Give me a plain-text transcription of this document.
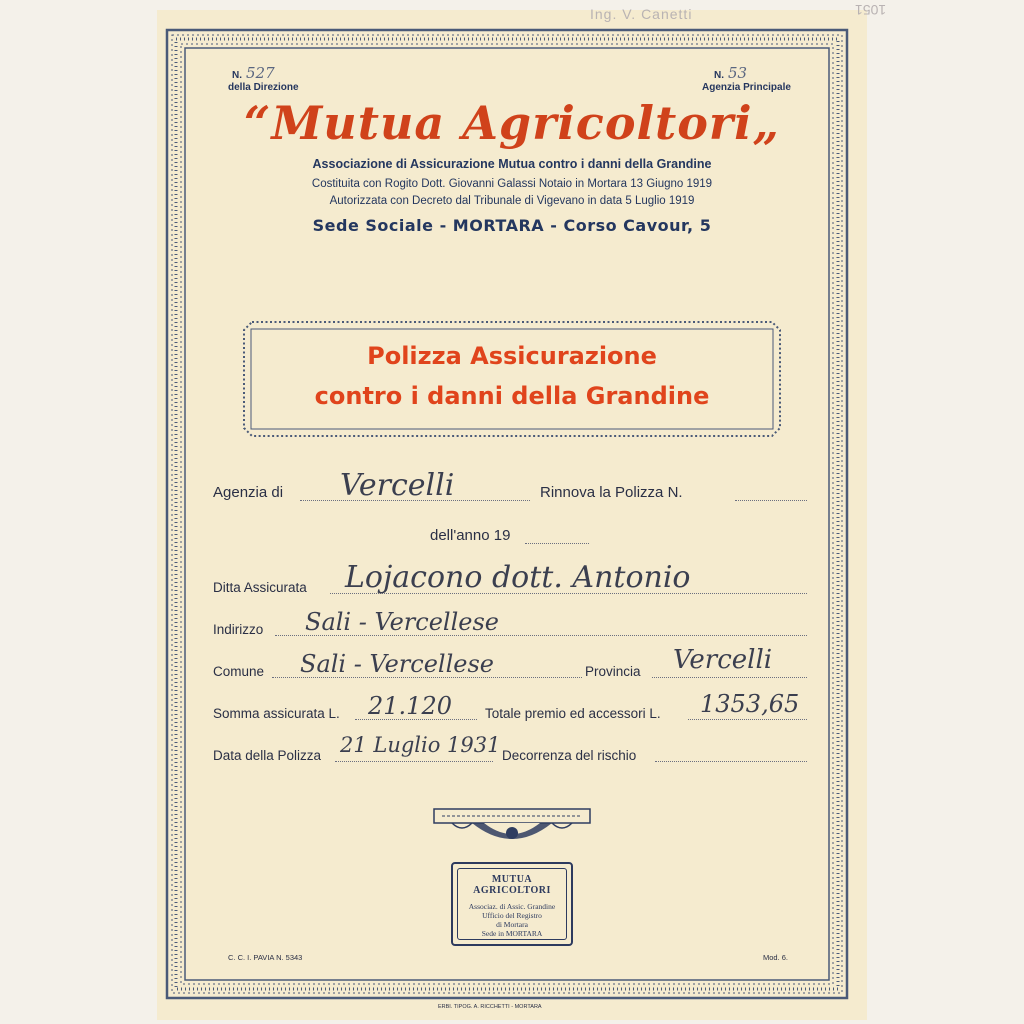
Ing. V. Canetti	1051
N. 527
della Direzione
N. 53
Agenzia Principale
“Mutua Agricoltori„
Associazione di Assicurazione Mutua contro i danni della Grandine
Costituita con Rogito Dott. Giovanni Galassi Notaio in Mortara 13 Giugno 1919
Autorizzata con Decreto dal Tribunale di Vigevano in data 5 Luglio 1919
Sede Sociale - MORTARA - Corso Cavour, 5
Polizza Assicurazione
contro i danni della Grandine
Agenzia di Vercelli	Rinnova la Polizza N.
dell'anno 19
Ditta Assicurata Lojacono dott. Antonio
Indirizzo Sali - Vercellese
Comune Sali - Vercellese	Provincia Vercelli
Somma assicurata L. 21.120 Totale premio ed accessori L. 1353,65
Data della Polizza 21 Luglio 1931 Decorrenza del rischio
MUTUA AGRICOLTORI
Associaz. di Assic. Grandine
Ufficio del Registro
di Mortara
Sede in MORTARA
C. C. I. PAVIA N. 5343	Mod. 6.
ERBI. TIPOG. A. RICCHETTI - MORTARA
